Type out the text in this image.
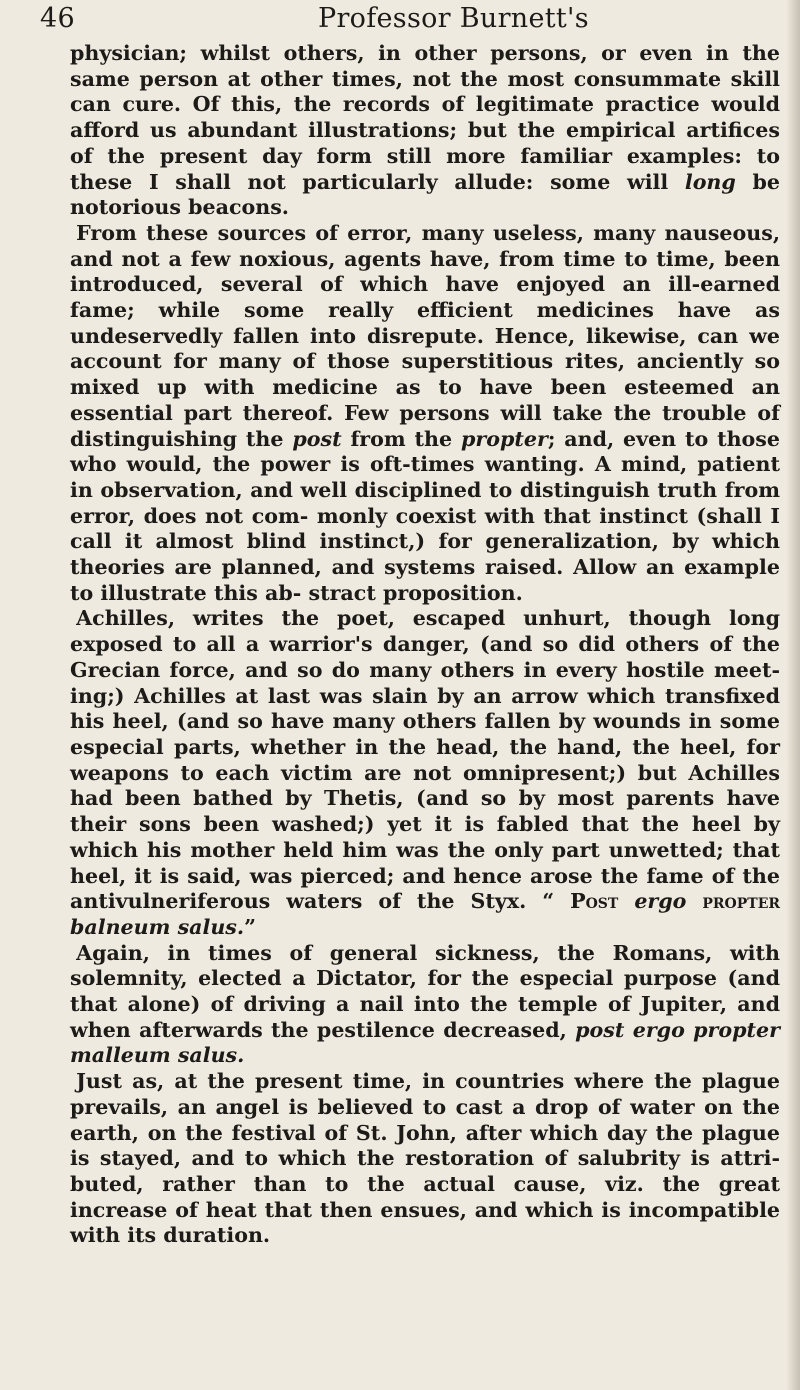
46	Professor Burnett's

physician; whilst others, in other persons, or even in the same person at other times, not the most consummate skill can cure. Of this, the records of legitimate practice would afford us abundant illustrations; but the empirical artifices of the present day form still more familiar examples: to these I shall not particularly allude: some will long be notorious beacons.

From these sources of error, many useless, many nauseous, and not a few noxious, agents have, from time to time, been introduced, several of which have enjoyed an ill-earned fame; while some really efficient medicines have as undeservedly fallen into disrepute. Hence, likewise, can we account for many of those superstitious rites, anciently so mixed up with medicine as to have been esteemed an essential part thereof. Few persons will take the trouble of distinguishing the post from the propter; and, even to those who would, the power is oft-times wanting. A mind, patient in observation, and well disciplined to distinguish truth from error, does not com- monly coexist with that instinct (shall I call it almost blind instinct,) for generalization, by which theories are planned, and systems raised. Allow an example to illustrate this ab- stract proposition.

Achilles, writes the poet, escaped unhurt, though long exposed to all a warrior's danger, (and so did others of the Grecian force, and so do many others in every hostile meet- ing;) Achilles at last was slain by an arrow which transfixed his heel, (and so have many others fallen by wounds in some especial parts, whether in the head, the hand, the heel, for weapons to each victim are not omnipresent;) but Achilles had been bathed by Thetis, (and so by most parents have their sons been washed;) yet it is fabled that the heel by which his mother held him was the only part unwetted; that heel, it is said, was pierced; and hence arose the fame of the antivulneriferous waters of the Styx. “ Post ergo propter balneum salus.”

Again, in times of general sickness, the Romans, with solemnity, elected a Dictator, for the especial purpose (and that alone) of driving a nail into the temple of Jupiter, and when afterwards the pestilence decreased, post ergo propter malleum salus.

Just as, at the present time, in countries where the plague prevails, an angel is believed to cast a drop of water on the earth, on the festival of St. John, after which day the plague is stayed, and to which the restoration of salubrity is attri- buted, rather than to the actual cause, viz. the great increase of heat that then ensues, and which is incompatible with its duration.
